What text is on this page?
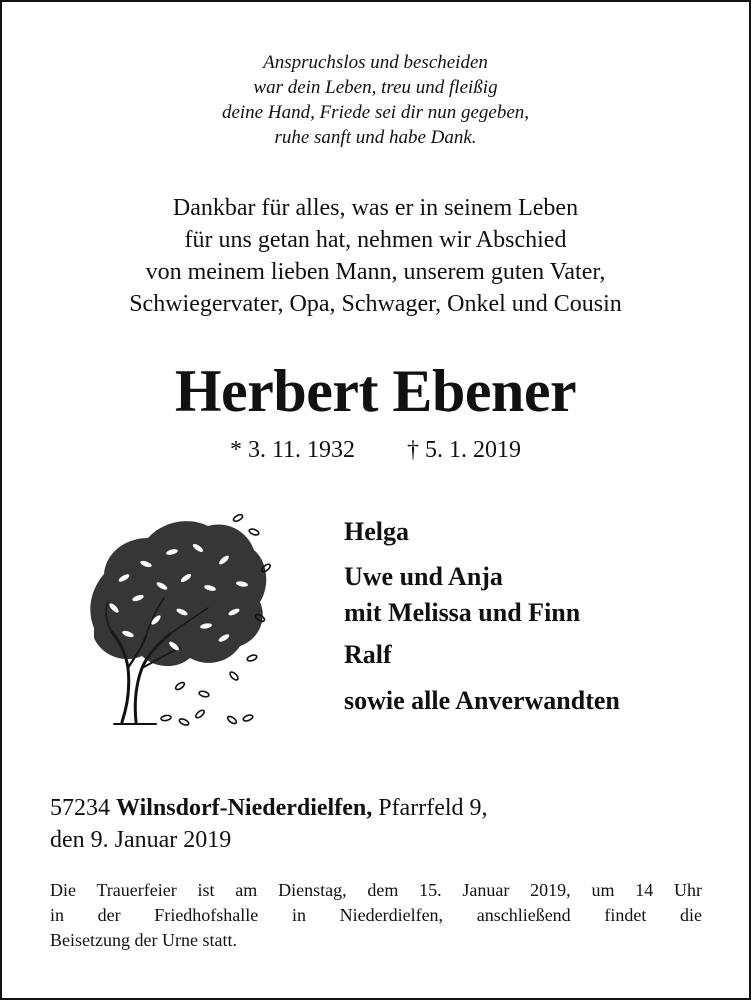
Anspruchslos und bescheiden
war dein Leben, treu und fleißig
deine Hand, Friede sei dir nun gegeben,
ruhe sanft und habe Dank.
Dankbar für alles, was er in seinem Leben
für uns getan hat, nehmen wir Abschied
von meinem lieben Mann, unserem guten Vater,
Schwiegervater, Opa, Schwager, Onkel und Cousin
Herbert Ebener
* 3. 11. 1932 † 5. 1. 2019
Helga
Uwe und Anja
mit Melissa und Finn
Ralf
sowie alle Anverwandten
57234 Wilnsdorf-Niederdielfen, Pfarrfeld 9,
den 9. Januar 2019
Die Trauerfeier ist am Dienstag, dem 15. Januar 2019, um 14 Uhr
in der Friedhofshalle in Niederdielfen, anschließend findet die
Beisetzung der Urne statt.
